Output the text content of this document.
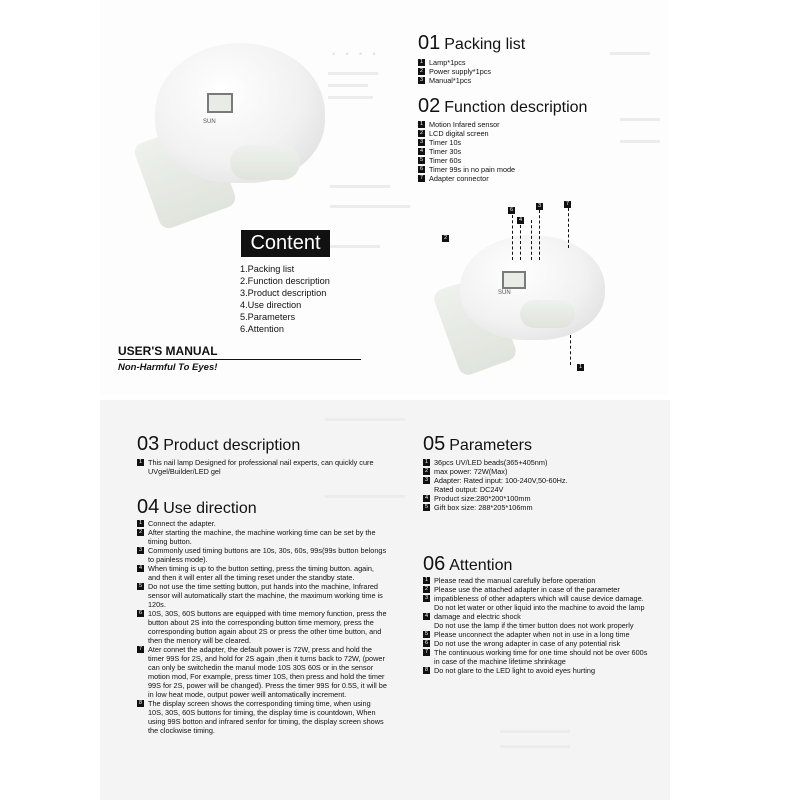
· · · ·
SUN
Content
1.Packing list
2.Function description
3.Product description
4.Use direction
5.Parameters
6.Attention
USER'S MANUAL
Non-Harmful To Eyes!
01 Packing list
1 Lamp*1pcs
2 Power supply*1pcs
3 Manual*1pcs
02 Function description
1 Motion Infared sensor
2 LCD digital screen
3 Timer 10s
4 Timer 30s
5 Timer 60s
6 Timer 99s in no pain mode
7 Adapter connector
SUN
2
6
4
3	7
1
03 Product description
1 This nail lamp Designed for professional nail experts, can quickly cure UVgel/Builder/LED gel
04 Use direction
1 Connect the adapter.
2 After starting the machine, the machine working time can be set by the timing button.
3 Commonly used timing buttons are 10s, 30s, 60s, 99s(99s button belongs to painless mode).
4 When timing is up to the button setting, press the timing button. again, and then it will enter all the timing reset under the standby state.
5 Do not use the time setting button, put hands into the machine, Infrared sensor will automatically start the machine, the maximum working time is 120s.
6 10S, 30S, 60S buttons are equipped with time memory function, press the button about 2S into the corresponding button time memory, press the corresponding button again about 2S or press the other time button, and then the menory will be cleared.
7 Ater connet the adapter, the default power is 72W, press and hold the timer 99S for 2S, and hold for 2S again ,then it turns back to 72W, (power can only be switchedin the manul mode 10S 30S 60S or in the sensor motion mod, For example, press timer 10S, then press and hold the timer 99S for 2S, power will be changed). Press the timer 99S for 0.5S, it will be in low heat mode, output power weill antomatically increment.
8 The display screen shows the corresponding timing time, when using 10S, 30S, 60S buttons for timing, the display time is countdown, When using 99S botton and infrared senfor for timing, the display screen shows the clockwise timing.
05 Parameters
1 36pcs UV/LED beads(365+405nm)
2 max power: 72W(Max)
3 Adapter: Rated input: 100-240V,50-60Hz.
Rated output: DC24V
4 Product size:280*200*100mm
5 Gift box size: 288*205*106mm
06 Attention
1 Please read the manual carefully before operation
2 Please use the attached adapter in case of the parameter
3 impatibleness of other adapters which will cause device damage.
Do not let water or other liquid into the machine to avoid the lamp
4 damage and electric shock
Do not use the lamp if the timer button does not work properly
5 Please unconnect the adapter when not in use in a long time
6 Do not use the wrong adapter in case of any potential risk
7 The continuous working time for one time should not be over 600s
in case of the machine lifetime shrinkage
8 Do not glare to the LED light to avoid eyes hurting
